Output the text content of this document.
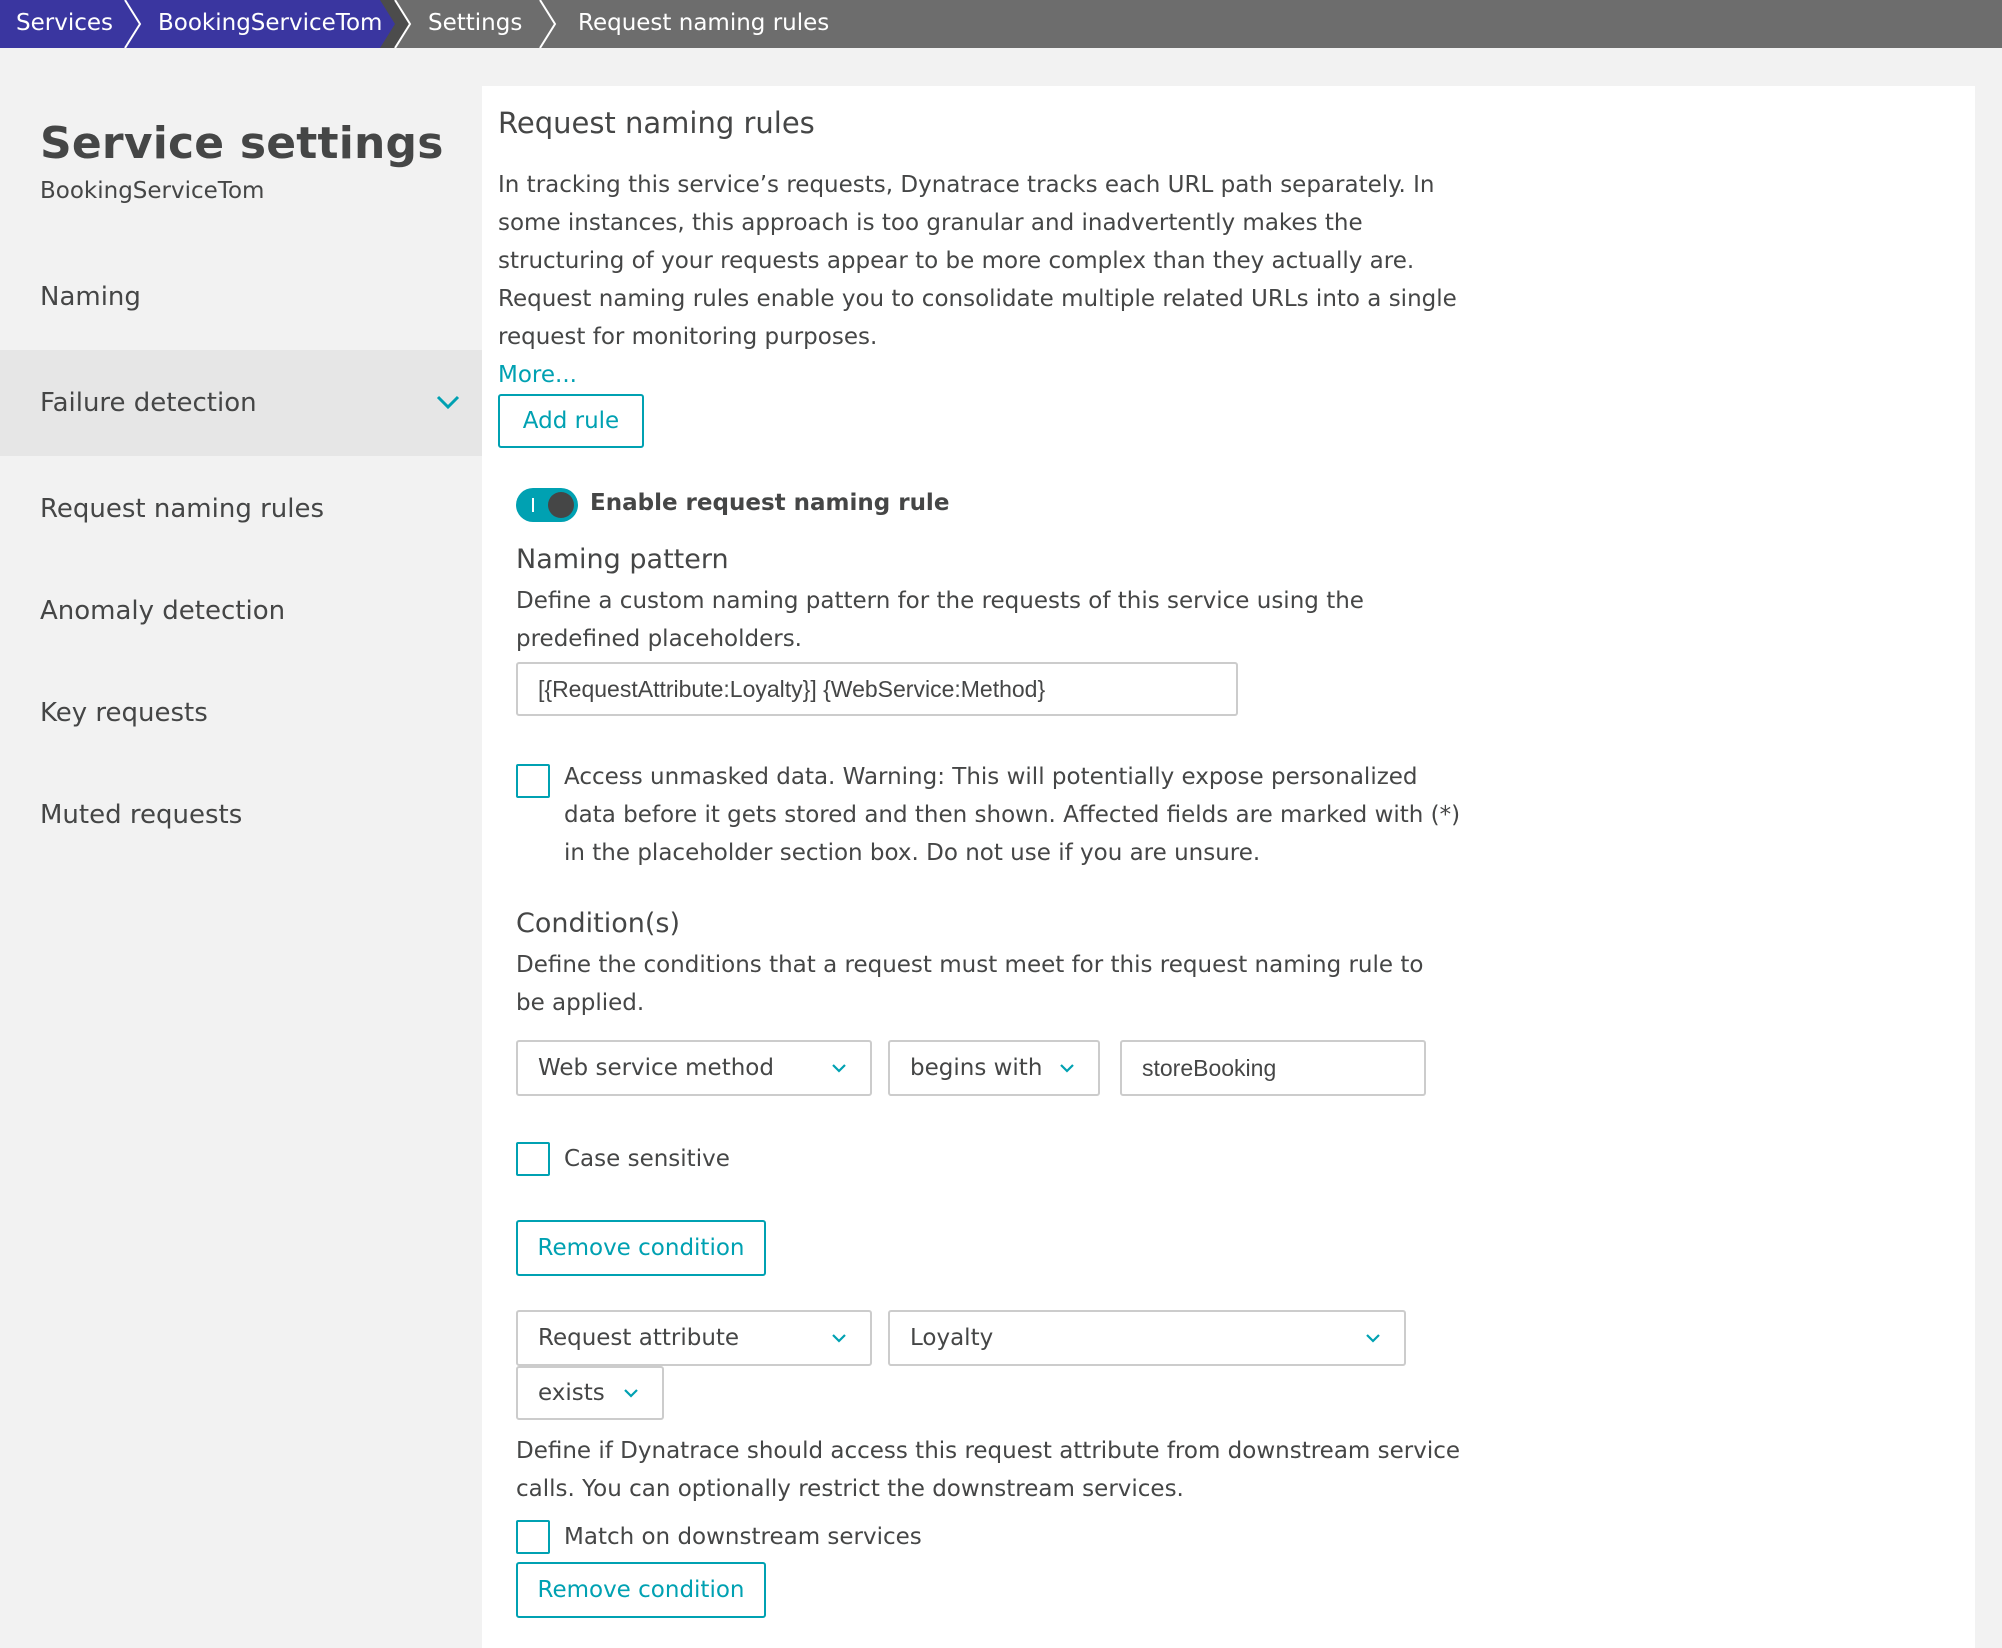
Services BookingServiceTom Settings Request naming rules
Service settings
BookingServiceTom
Naming
Failure detection
Request naming rules
Anomaly detection
Key requests
Muted requests
Request naming rules
In tracking this service’s requests, Dynatrace tracks each URL path separately. In some instances, this approach is too granular and inadvertently makes the structuring of your requests appear to be more complex than they actually are. Request naming rules enable you to consolidate multiple related URLs into a single request for monitoring purposes.
More...
Add rule
Enable request naming rule
Naming pattern
Define a custom naming pattern for the requests of this service using the predefined placeholders.
[{RequestAttribute:Loyalty}] {WebService:Method}
Access unmasked data. Warning: This will potentially expose personalized data before it gets stored and then shown. Affected fields are marked with (*) in the placeholder section box. Do not use if you are unsure.
Condition(s)
Define the conditions that a request must meet for this request naming rule to be applied.
Web service method	begins with
storeBooking
Case sensitive
Remove condition
Request attribute	Loyalty
exists
Define if Dynatrace should access this request attribute from downstream service calls. You can optionally restrict the downstream services.
Match on downstream services
Remove condition
